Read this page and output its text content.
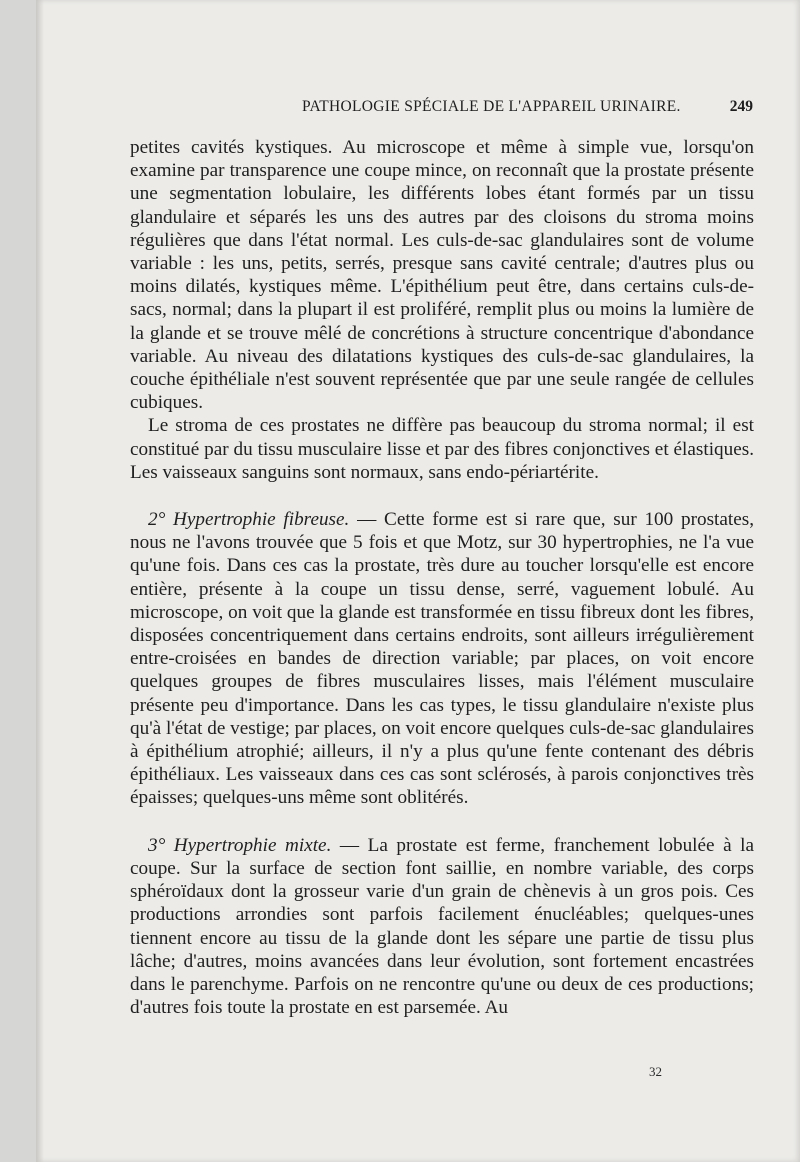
PATHOLOGIE SPÉCIALE DE L'APPAREIL URINAIRE.	249

petites cavités kystiques. Au microscope et même à simple vue, lorsqu'on examine par transparence une coupe mince, on reconnaît que la prostate présente une segmentation lobulaire, les différents lobes étant formés par un tissu glandulaire et séparés les uns des autres par des cloisons du stroma moins régulières que dans l'état normal. Les culs-de-sac glandulaires sont de volume variable : les uns, petits, serrés, presque sans cavité centrale; d'autres plus ou moins dilatés, kystiques même. L'épithélium peut être, dans certains culs-de-sacs, normal; dans la plupart il est proliféré, remplit plus ou moins la lumière de la glande et se trouve mêlé de concrétions à structure concentrique d'abondance variable. Au niveau des dilatations kystiques des culs-de-sac glandulaires, la couche épithéliale n'est souvent représentée que par une seule rangée de cellules cubiques.

Le stroma de ces prostates ne diffère pas beaucoup du stroma normal; il est constitué par du tissu musculaire lisse et par des fibres conjonctives et élastiques. Les vaisseaux sanguins sont normaux, sans endo-périartérite.

2° Hypertrophie fibreuse. — Cette forme est si rare que, sur 100 prostates, nous ne l'avons trouvée que 5 fois et que Motz, sur 30 hypertrophies, ne l'a vue qu'une fois. Dans ces cas la prostate, très dure au toucher lorsqu'elle est encore entière, présente à la coupe un tissu dense, serré, vaguement lobulé. Au microscope, on voit que la glande est transformée en tissu fibreux dont les fibres, disposées concentriquement dans certains endroits, sont ailleurs irrégulièrement entre-croisées en bandes de direction variable; par places, on voit encore quelques groupes de fibres musculaires lisses, mais l'élément musculaire présente peu d'importance. Dans les cas types, le tissu glandulaire n'existe plus qu'à l'état de vestige; par places, on voit encore quelques culs-de-sac glandulaires à épithélium atrophié; ailleurs, il n'y a plus qu'une fente contenant des débris épithéliaux. Les vaisseaux dans ces cas sont sclérosés, à parois conjonctives très épaisses; quelques-uns même sont oblitérés.

3° Hypertrophie mixte. — La prostate est ferme, franchement lobulée à la coupe. Sur la surface de section font saillie, en nombre variable, des corps sphéroïdaux dont la grosseur varie d'un grain de chènevis à un gros pois. Ces productions arrondies sont parfois facilement énucléables; quelques-unes tiennent encore au tissu de la glande dont les sépare une partie de tissu plus lâche; d'autres, moins avancées dans leur évolution, sont fortement encastrées dans le parenchyme. Parfois on ne rencontre qu'une ou deux de ces productions; d'autres fois toute la prostate en est parsemée. Au

32
